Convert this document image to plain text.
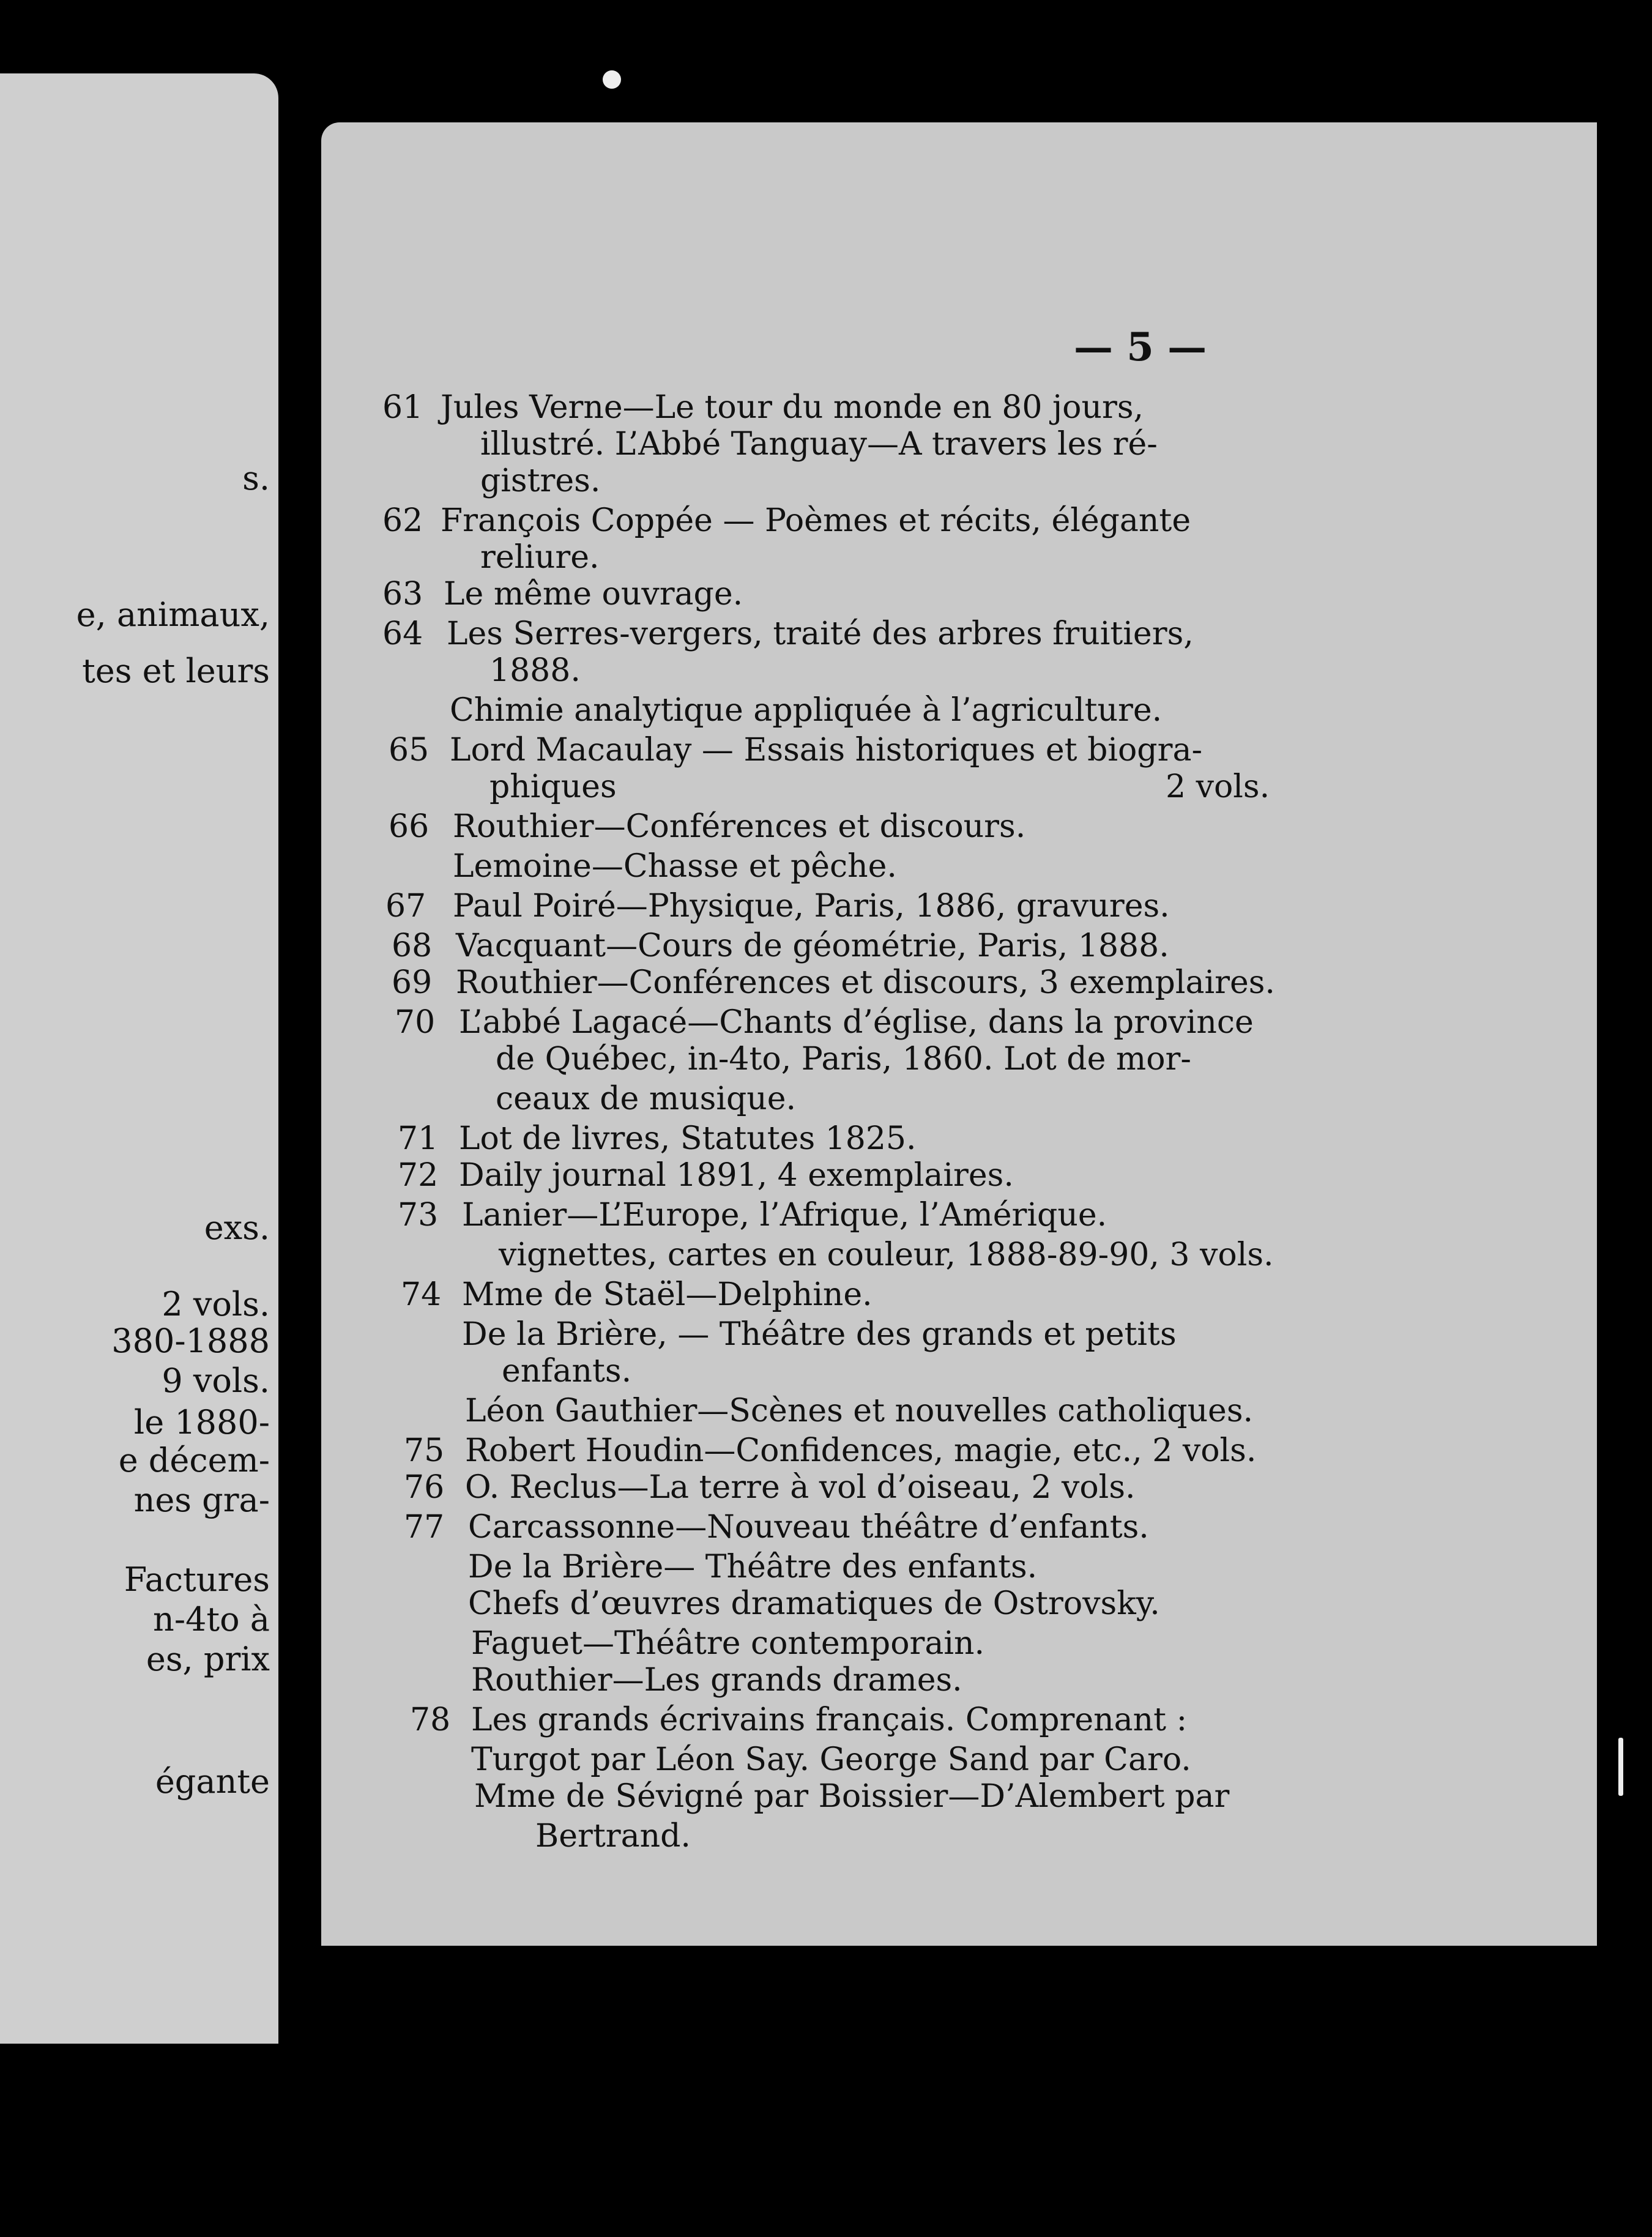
s.
e, animaux,
tes et leurs
exs.
2 vols.
380-1888
9 vols.
le 1880-
e décem-
nes gra-
Factures
n-4to à
es, prix
égante
— 5 —
61 Jules Verne—Le tour du monde en 80 jours,
illustré. L’Abbé Tanguay—A travers les ré-
gistres.
62 François Coppée — Poèmes et récits, élégante
reliure.
63 Le même ouvrage.
64 Les Serres-vergers, traité des arbres fruitiers,
1888.
Chimie analytique appliquée à l’agriculture.
65 Lord Macaulay — Essais historiques et biogra-
phiques	2 vols.
66 Routhier—Conférences et discours.
Lemoine—Chasse et pêche.
67 Paul Poiré—Physique, Paris, 1886, gravures.
68 Vacquant—Cours de géométrie, Paris, 1888.
69 Routhier—Conférences et discours, 3 exemplaires.
70 L’abbé Lagacé—Chants d’église, dans la province
de Québec, in-4to, Paris, 1860. Lot de mor-
ceaux de musique.
71 Lot de livres, Statutes 1825.
72 Daily journal 1891, 4 exemplaires.
73 Lanier—L’Europe, l’Afrique, l’Amérique.
vignettes, cartes en couleur, 1888-89-90, 3 vols.
74 Mme de Staël—Delphine.
De la Brière, — Théâtre des grands et petits
enfants.
Léon Gauthier—Scènes et nouvelles catholiques.
75 Robert Houdin—Confidences, magie, etc., 2 vols.
76 O. Reclus—La terre à vol d’oiseau, 2 vols.
77 Carcassonne—Nouveau théâtre d’enfants.
De la Brière— Théâtre des enfants.
Chefs d’œuvres dramatiques de Ostrovsky.
Faguet—Théâtre contemporain.
Routhier—Les grands drames.
78 Les grands écrivains français. Comprenant :
Turgot par Léon Say. George Sand par Caro.
Mme de Sévigné par Boissier—D’Alembert par
Bertrand.
